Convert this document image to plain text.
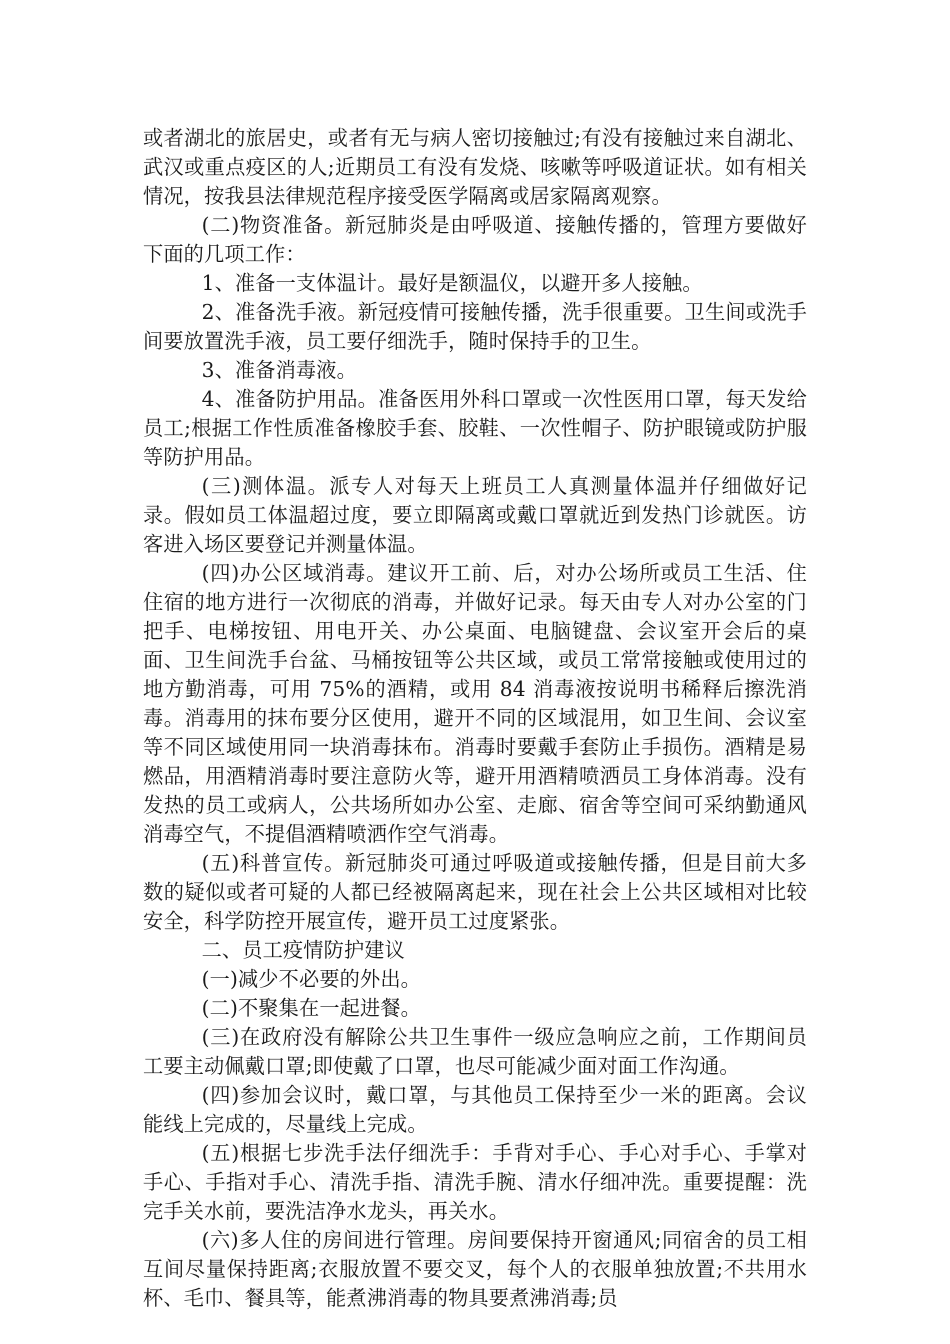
或者湖北的旅居史，或者有无与病人密切接触过;有没有接触过来自湖北、武汉或重点疫区的人;近期员工有没有发烧、咳嗽等呼吸道证状。如有相关情况，按我县法律规范程序接受医学隔离或居家隔离观察。

(二)物资准备。新冠肺炎是由呼吸道、接触传播的，管理方要做好下面的几项工作：

1、准备一支体温计。最好是额温仪，以避开多人接触。

2、准备洗手液。新冠疫情可接触传播，洗手很重要。卫生间或洗手间要放置洗手液，员工要仔细洗手，随时保持手的卫生。

3、准备消毒液。

4、准备防护用品。准备医用外科口罩或一次性医用口罩，每天发给员工;根据工作性质准备橡胶手套、胶鞋、一次性帽子、防护眼镜或防护服等防护用品。

(三)测体温。派专人对每天上班员工人真测量体温并仔细做好记录。假如员工体温超过度，要立即隔离或戴口罩就近到发热门诊就医。访客进入场区要登记并测量体温。

(四)办公区域消毒。建议开工前、后，对办公场所或员工生活、住住宿的地方进行一次彻底的消毒，并做好记录。每天由专人对办公室的门把手、电梯按钮、用电开关、办公桌面、电脑键盘、会议室开会后的桌面、卫生间洗手台盆、马桶按钮等公共区域，或员工常常接触或使用过的地方勤消毒，可用 75%的酒精，或用 84 消毒液按说明书稀释后擦洗消毒。消毒用的抹布要分区使用，避开不同的区域混用，如卫生间、会议室等不同区域使用同一块消毒抹布。消毒时要戴手套防止手损伤。酒精是易燃品，用酒精消毒时要注意防火等，避开用酒精喷洒员工身体消毒。没有发热的员工或病人，公共场所如办公室、走廊、宿舍等空间可采纳勤通风消毒空气，不提倡酒精喷洒作空气消毒。

(五)科普宣传。新冠肺炎可通过呼吸道或接触传播，但是目前大多数的疑似或者可疑的人都已经被隔离起来，现在社会上公共区域相对比较安全，科学防控开展宣传，避开员工过度紧张。

二、员工疫情防护建议

(一)减少不必要的外出。

(二)不聚集在一起进餐。

(三)在政府没有解除公共卫生事件一级应急响应之前，工作期间员工要主动佩戴口罩;即使戴了口罩，也尽可能减少面对面工作沟通。

(四)参加会议时，戴口罩，与其他员工保持至少一米的距离。会议能线上完成的，尽量线上完成。

(五)根据七步洗手法仔细洗手：手背对手心、手心对手心、手掌对手心、手指对手心、清洗手指、清洗手腕、清水仔细冲洗。重要提醒：洗完手关水前，要洗洁净水龙头，再关水。

(六)多人住的房间进行管理。房间要保持开窗通风;同宿舍的员工相互间尽量保持距离;衣服放置不要交叉，每个人的衣服单独放置;不共用水杯、毛巾、餐具等，能煮沸消毒的物具要煮沸消毒;员
